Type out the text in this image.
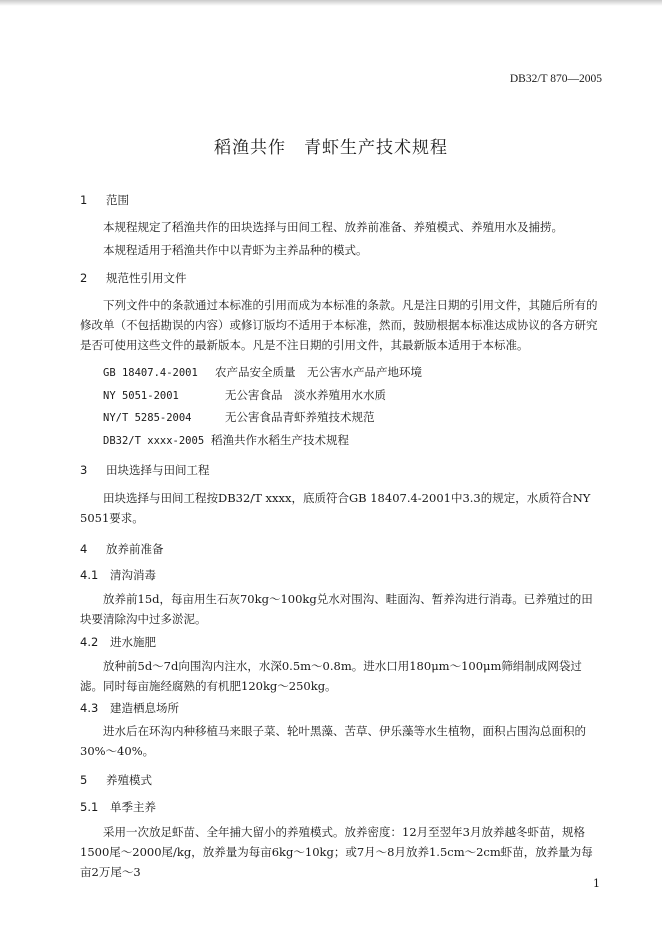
DB32/T 870—2005
稻渔共作　青虾生产技术规程
1 范围
本规程规定了稻渔共作的田块选择与田间工程、放养前准备、养殖模式、养殖用水及捕捞。
本规程适用于稻渔共作中以青虾为主养品种的模式。
2 规范性引用文件
下列文件中的条款通过本标准的引用而成为本标准的条款。凡是注日期的引用文件，其随后所有的修改单（不包括勘误的内容）或修订版均不适用于本标准，然而，鼓励根据本标准达成协议的各方研究是否可使用这些文件的最新版本。凡是不注日期的引用文件，其最新版本适用于本标准。
GB 18407.4-2001 农产品安全质量　无公害水产品产地环境
NY 5051-2001	无公害食品　淡水养殖用水水质
NY/T 5285-2004	无公害食品青虾养殖技术规范
DB32/T xxxx-2005 稻渔共作水稻生产技术规程
3 田块选择与田间工程
田块选择与田间工程按DB32/T xxxx，底质符合GB 18407.4-2001中3.3的规定，水质符合NY 5051要求。
4 放养前准备
4.1 清沟消毒
放养前15d，每亩用生石灰70kg～100kg兑水对围沟、畦面沟、暂养沟进行消毒。已养殖过的田块要清除沟中过多淤泥。
4.2 进水施肥
放种前5d～7d向围沟内注水，水深0.5m～0.8m。进水口用180μm～100μm筛绢制成网袋过滤。同时每亩施经腐熟的有机肥120kg～250kg。
4.3 建造栖息场所
进水后在环沟内种移植马来眼子菜、轮叶黑藻、苦草、伊乐藻等水生植物，面积占围沟总面积的30%～40%。
5 养殖模式
5.1 单季主养
采用一次放足虾苗、全年捕大留小的养殖模式。放养密度：12月至翌年3月放养越冬虾苗，规格1500尾～2000尾/kg，放养量为每亩6kg～10kg；或7月～8月放养1.5cm～2cm虾苗，放养量为每亩2万尾～3
1
